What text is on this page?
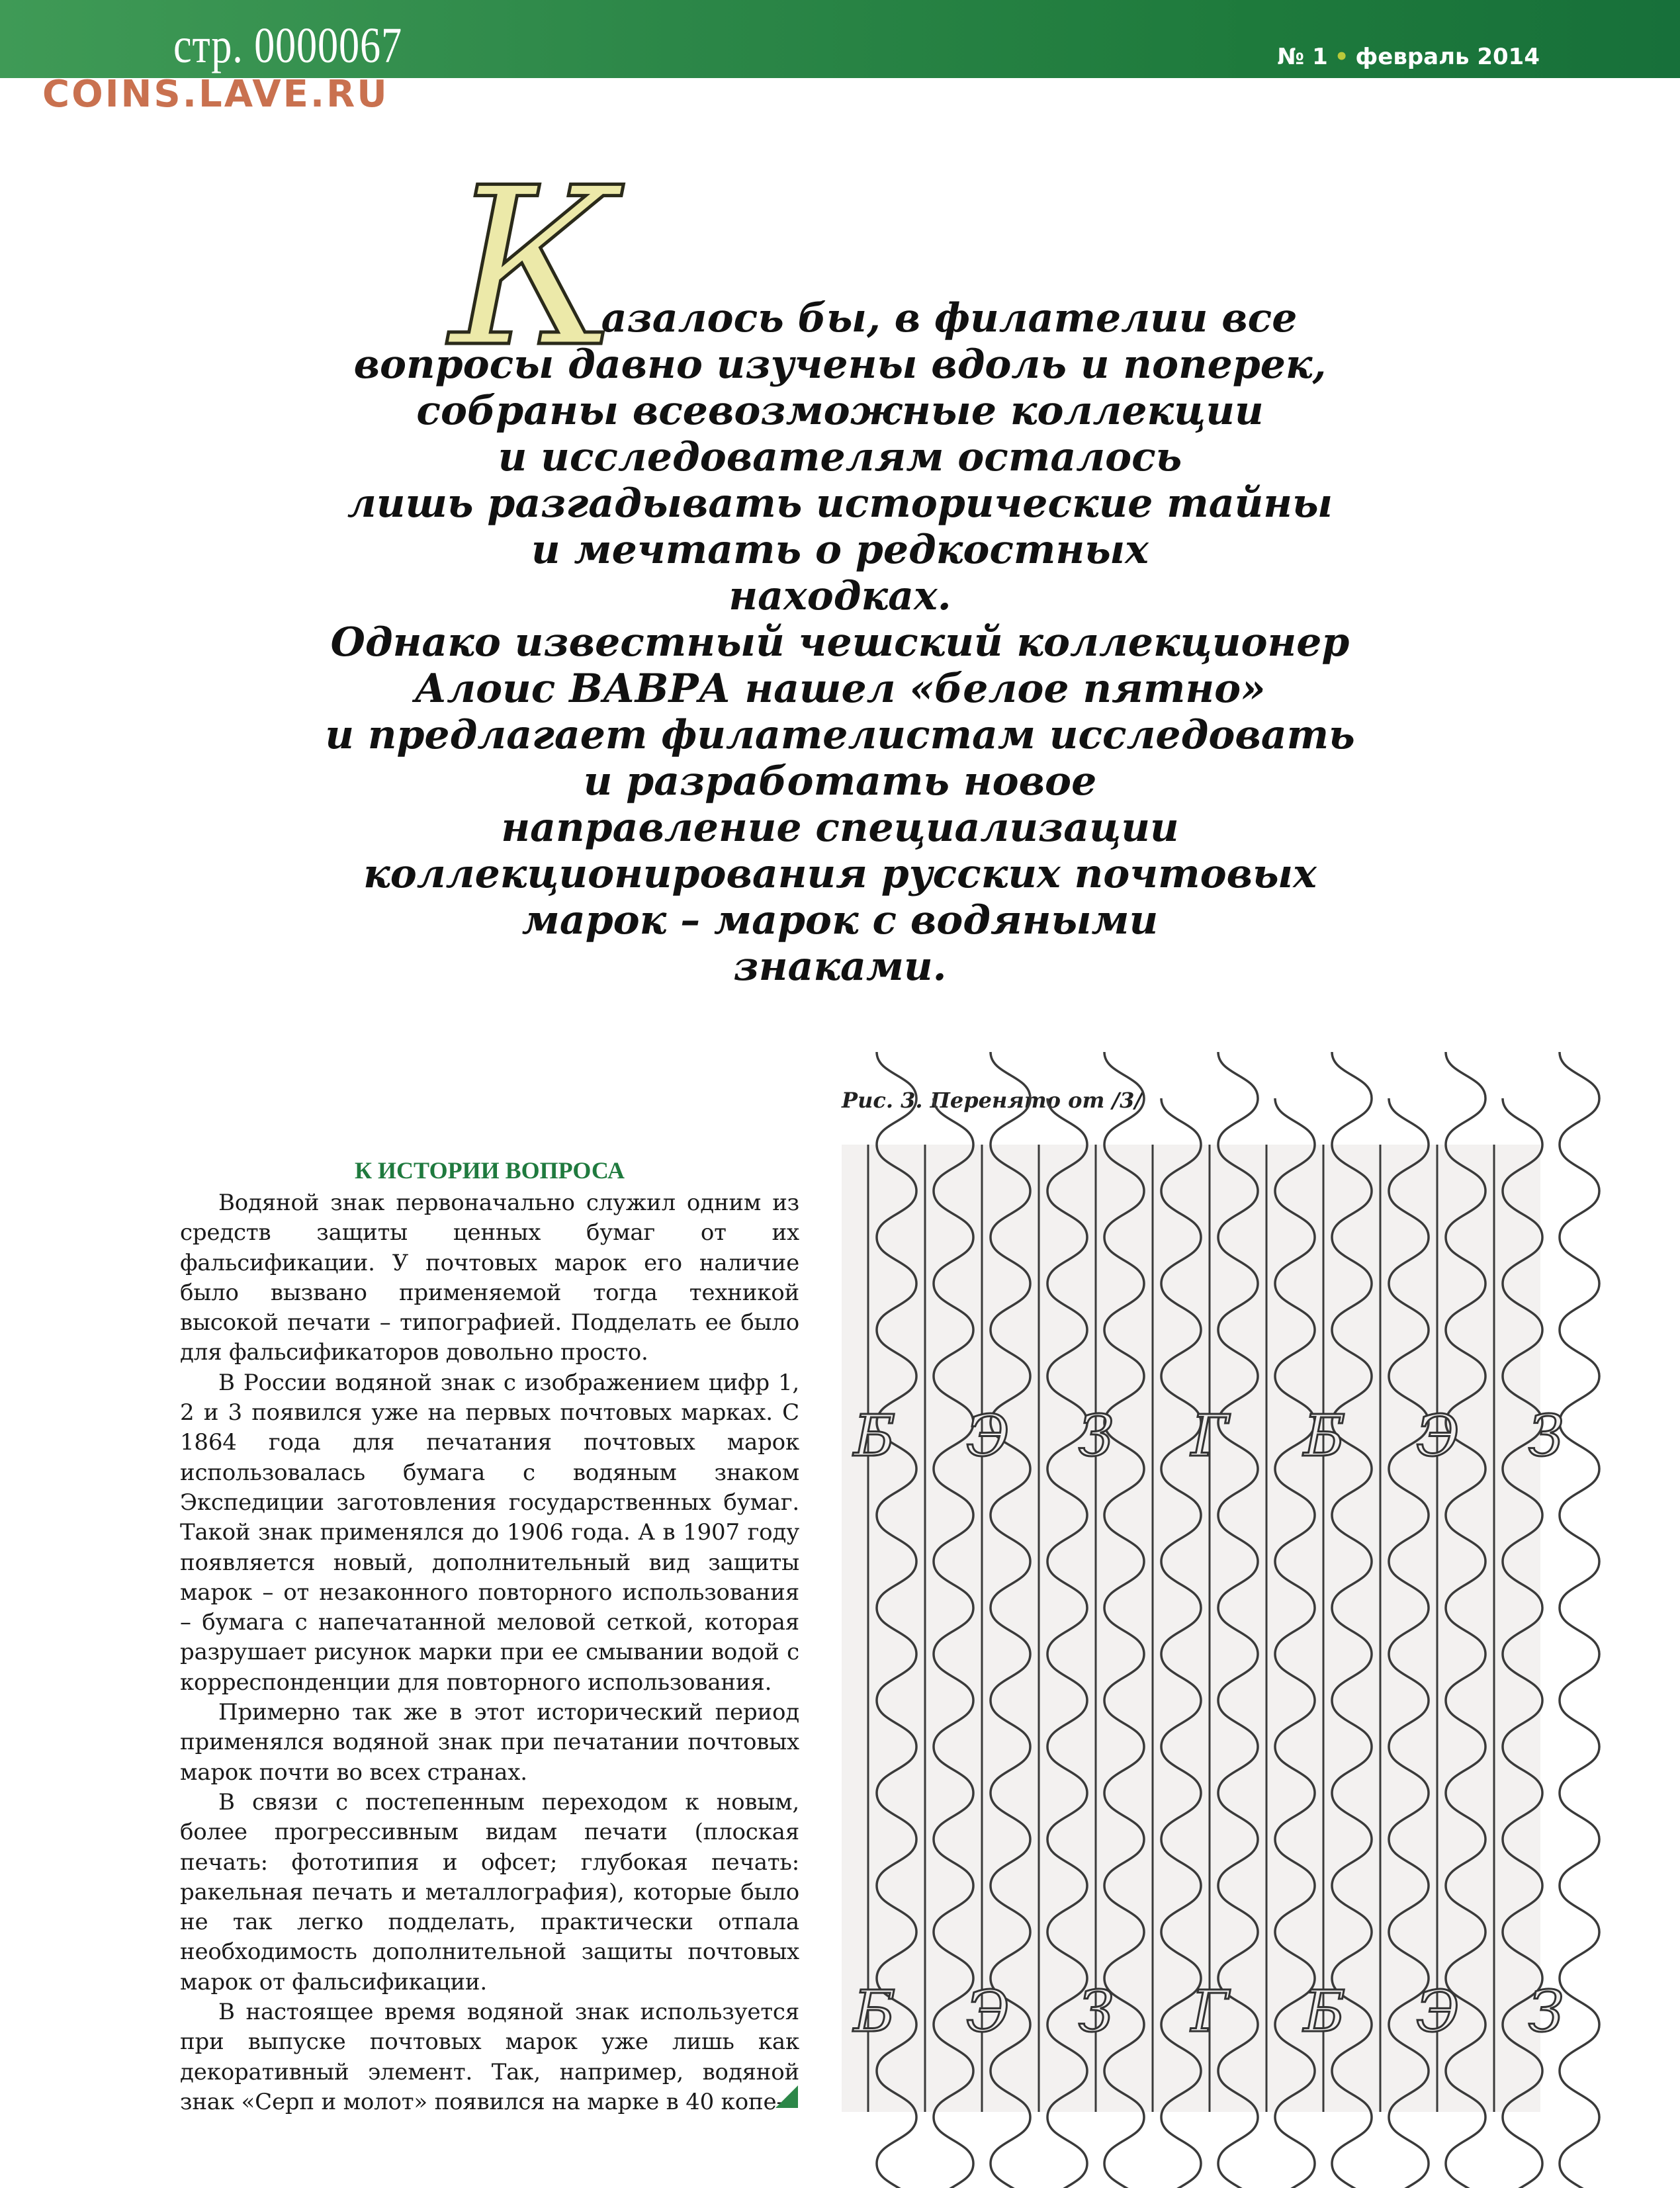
стр. 0000067
COINS.LAVE.RU
№ 1 • февраль 2014
К
азалось бы, в филателии все
вопросы давно изучены вдоль и поперек,
собраны всевозможные коллекции
и исследователям осталось
лишь разгадывать исторические тайны
и мечтать о редкостных
находках.
Однако известный чешский коллекционер
Алоис ВАВРА нашел «белое пятно»
и предлагает филателистам исследовать
и разработать новое
направление специализации
коллекционирования русских почтовых
марок – марок с водяными
знаками.
Рис. 3. Перенято от /3/
Б Э З Г Б Э З
Б Э З Г Б Э З
К ИСТОРИИ ВОПРОСА

Водяной знак первоначально служил одним из средств защиты ценных бумаг от их фальсификации. У почтовых марок его наличие было вызвано применяемой тогда техникой высокой печати – типографией. Подделать ее было для фальсификаторов довольно просто.

В России водяной знак с изображением цифр 1, 2 и 3 появился уже на первых почтовых марках. С 1864 года для печатания почтовых марок использовалась бумага с водяным знаком Экспедиции заготовления государственных бумаг. Такой знак применялся до 1906 года. А в 1907 году появляется новый, дополнительный вид защиты марок – от незаконного повторного использования – бумага с напечатанной меловой сеткой, которая разрушает рисунок марки при ее смывании водой с корреспонденции для повторного использования.

Примерно так же в этот исторический период применялся водяной знак при печатании почтовых марок почти во всех странах.

В связи с постепенным переходом к новым, более прогрессивным видам печати (плоская печать: фототипия и офсет; глубокая печать: ракельная печать и металлография), которые было не так легко подделать, практически отпала необходимость дополнительной защиты почтовых марок от фальсификации.

В настоящее время водяной знак используется при выпуске почтовых марок уже лишь как декоративный элемент. Так, например, водяной знак «Серп и молот» появился на марке в 40 копе-
